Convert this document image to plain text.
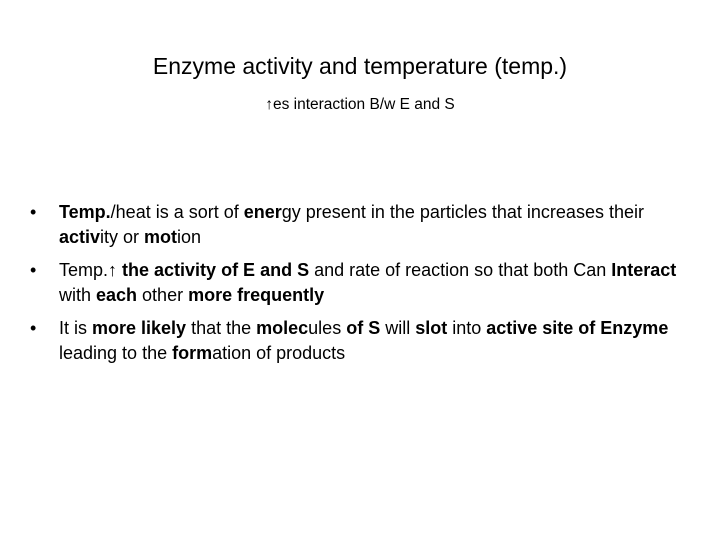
Enzyme activity and temperature (temp.)
↑es interaction B/w E and S
•	Temp./heat is a sort of energy present in the particles that increases their activity or motion
•	Temp.↑ the activity of E and S and rate of reaction so that both Can Interact with each other more frequently
•	It is more likely that the molecules of S will slot into active site of Enzyme leading to the formation of products
